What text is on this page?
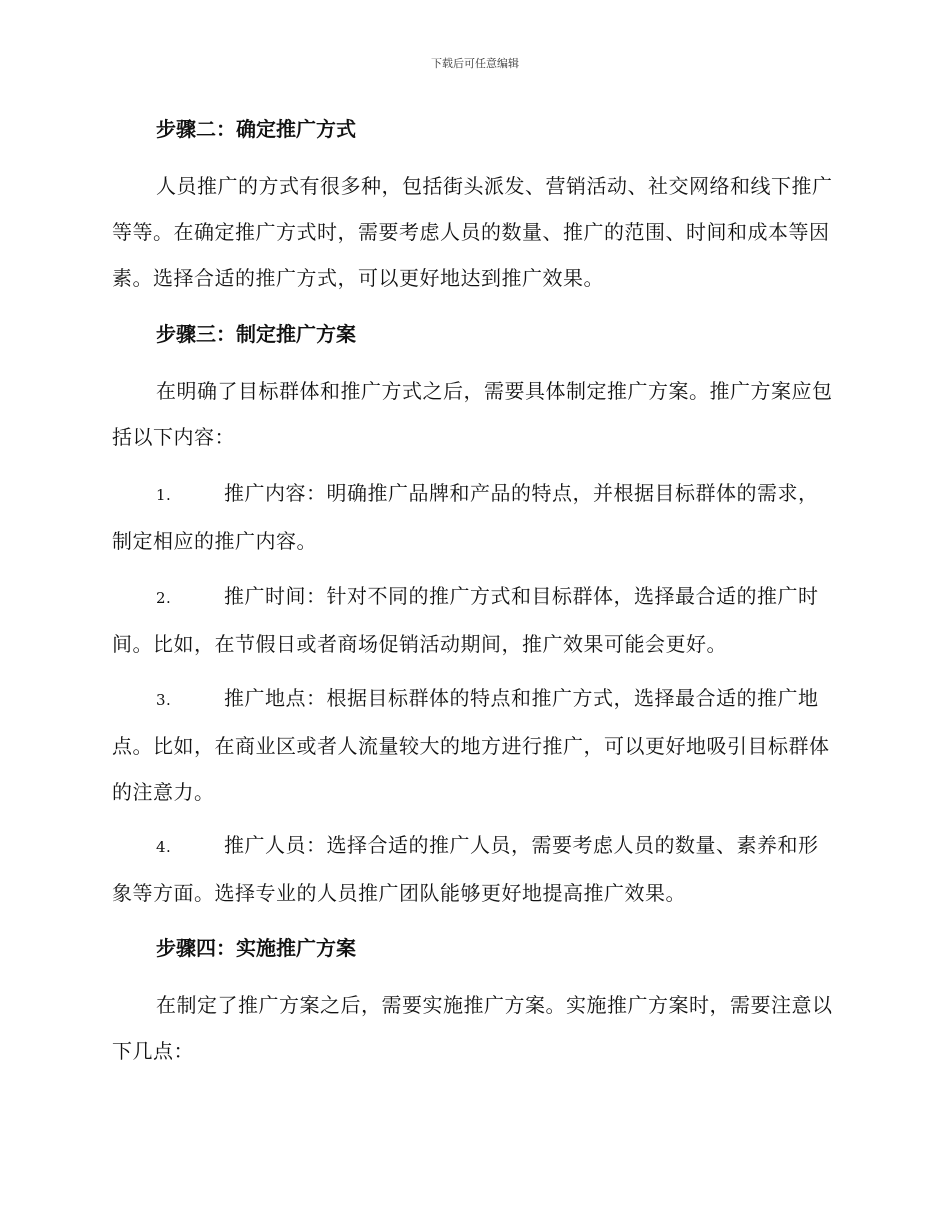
下载后可任意编辑

步骤二：确定推广方式

人员推广的方式有很多种，包括街头派发、营销活动、社交网络和线下推广等等。在确定推广方式时，需要考虑人员的数量、推广的范围、时间和成本等因素。选择合适的推广方式，可以更好地达到推广效果。

步骤三：制定推广方案

在明确了目标群体和推广方式之后，需要具体制定推广方案。推广方案应包括以下内容：

1.	推广内容：明确推广品牌和产品的特点，并根据目标群体的需求，制定相应的推广内容。

2.	推广时间：针对不同的推广方式和目标群体，选择最合适的推广时间。比如，在节假日或者商场促销活动期间，推广效果可能会更好。

3.	推广地点：根据目标群体的特点和推广方式，选择最合适的推广地点。比如，在商业区或者人流量较大的地方进行推广，可以更好地吸引目标群体的注意力。

4.	推广人员：选择合适的推广人员，需要考虑人员的数量、素养和形象等方面。选择专业的人员推广团队能够更好地提高推广效果。

步骤四：实施推广方案

在制定了推广方案之后，需要实施推广方案。实施推广方案时，需要注意以下几点：
